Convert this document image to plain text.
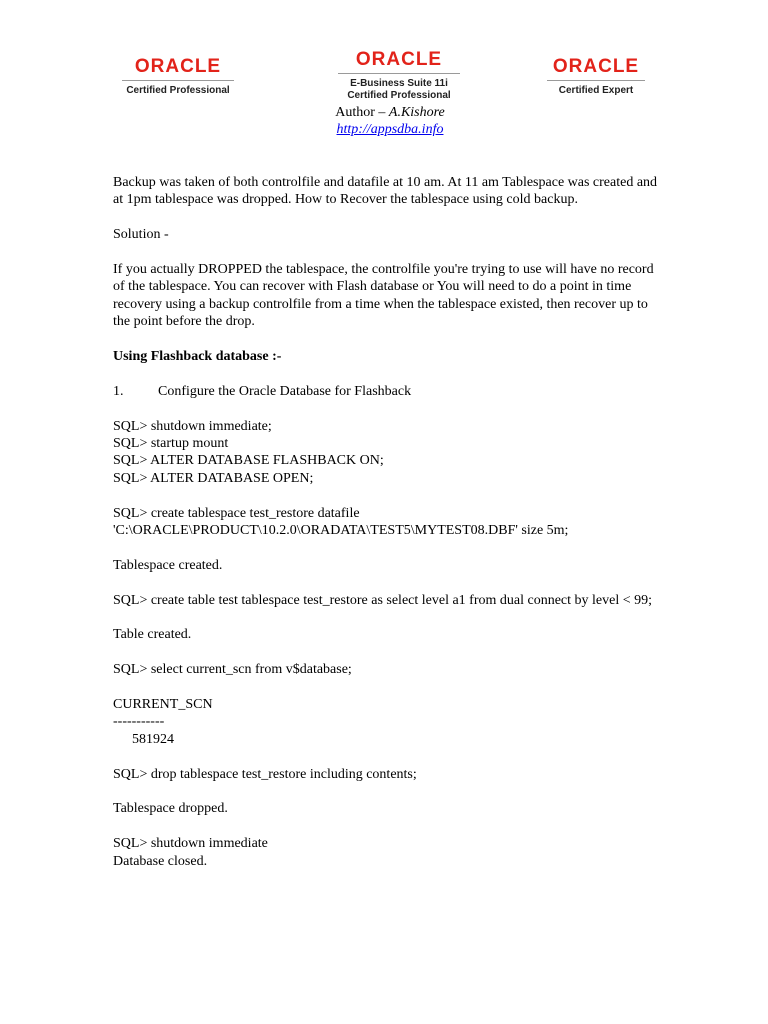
ORACLE
Certified Professional
ORACLE
E-Business Suite 11i
Certified Professional
ORACLE
Certified Expert
Author – A.Kishore
http://appsdba.info

Backup was taken of both controlfile and datafile at 10 am. At 11 am Tablespace was created and at 1pm tablespace was dropped. How to Recover the tablespace using cold backup.

Solution -

If you actually DROPPED the tablespace, the controlfile you're trying to use will have no record of the tablespace. You can recover with Flash database or You will need to do a point in time recovery using a backup controlfile from a time when the tablespace existed, then recover up to the point before the drop.

Using Flashback database :-

1.	Configure the Oracle Database for Flashback

SQL> shutdown immediate;

SQL> startup mount

SQL> ALTER DATABASE FLASHBACK ON;

SQL> ALTER DATABASE OPEN;

SQL> create tablespace test_restore datafile

'C:\ORACLE\PRODUCT\10.2.0\ORADATA\TEST5\MYTEST08.DBF' size 5m;

Tablespace created.

SQL> create table test tablespace test_restore as select level a1 from dual connect by level < 99;

Table created.

SQL> select current_scn from v$database;

CURRENT_SCN

-----------

581924

SQL> drop tablespace test_restore including contents;

Tablespace dropped.

SQL> shutdown immediate

Database closed.
